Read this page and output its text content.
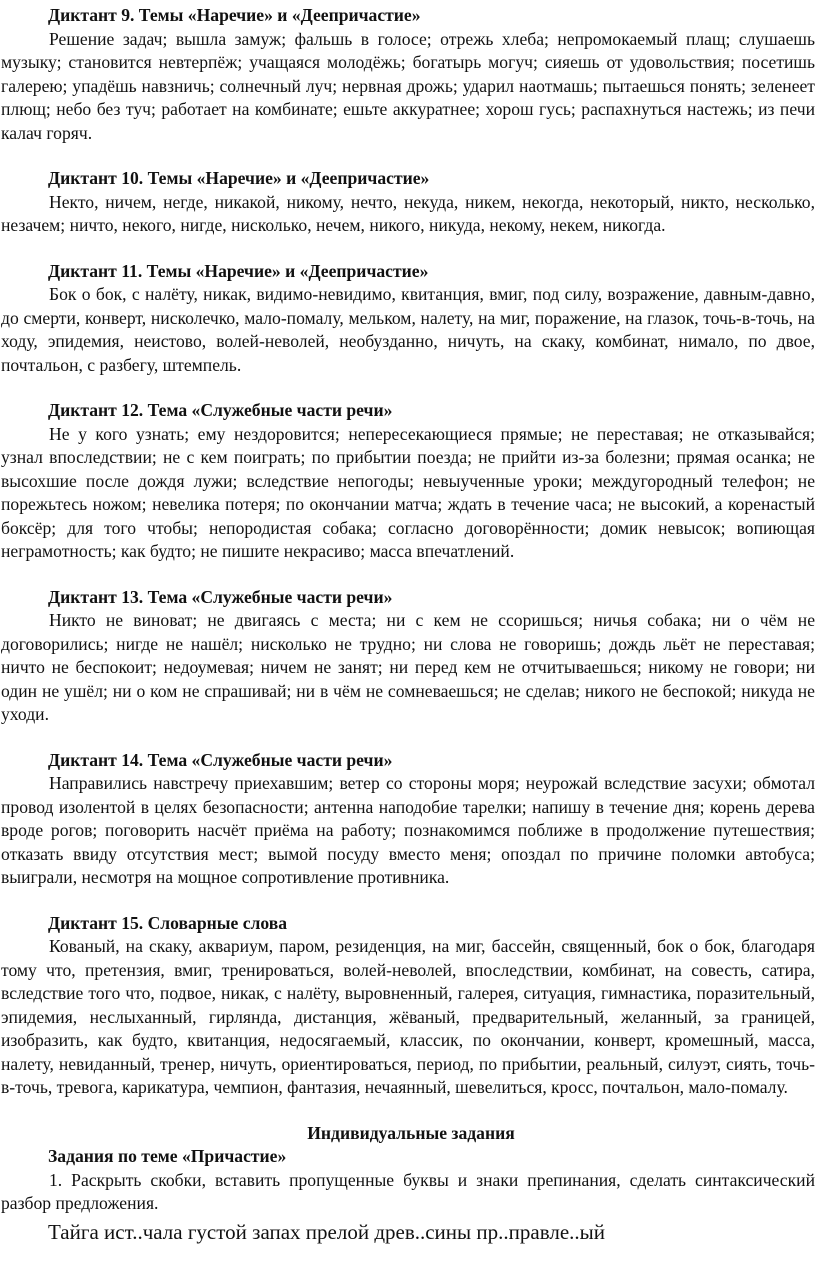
Диктант 9. Темы «Наречие» и «Деепричастие»

Решение задач; вышла замуж; фальшь в голосе; отрежь хлеба; непромокаемый плащ; слушаешь музыку; становится невтерпёж; учащаяся молодёжь; богатырь могуч; сияешь от удовольствия; посетишь галерею; упадёшь навзничь; солнечный луч; нервная дрожь; ударил наотмашь; пытаешься понять; зеленеет плющ; небо без туч; работает на комбинате; ешьте аккуратнее; хорош гусь; распахнуться настежь; из печи калач горяч.

Диктант 10. Темы «Наречие» и «Деепричастие»

Некто, ничем, негде, никакой, никому, нечто, некуда, никем, некогда, некоторый, никто, несколько, незачем; ничто, некого, нигде, нисколько, нечем, никого, никуда, некому, некем, никогда.

Диктант 11. Темы «Наречие» и «Деепричастие»

Бок о бок, с налёту, никак, видимо-невидимо, квитанция, вмиг, под силу, возражение, давным-давно, до смерти, конверт, нисколечко, мало-помалу, мельком, налету, на миг, поражение, на глазок, точь-в-точь, на ходу, эпидемия, неистово, волей-неволей, необузданно, ничуть, на скаку, комбинат, нимало, по двое, почтальон, с разбегу, штемпель.

Диктант 12. Тема «Служебные части речи»

Не у кого узнать; ему нездоровится; непересекающиеся прямые; не переставая; не отказывайся; узнал впоследствии; не с кем поиграть; по прибытии поезда; не прийти из-за болезни; прямая осанка; не высохшие после дождя лужи; вследствие непогоды; невыученные уроки; междугородный телефон; не порежьтесь ножом; невелика потеря; по окончании матча; ждать в течение часа; не высокий, а коренастый боксёр; для того чтобы; непородистая собака; согласно договорённости; домик невысок; вопиющая неграмотность; как будто; не пишите некрасиво; масса впечатлений.

Диктант 13. Тема «Служебные части речи»

Никто не виноват; не двигаясь с места; ни с кем не ссоришься; ничья собака; ни о чём не договорились; нигде не нашёл; нисколько не трудно; ни слова не говоришь; дождь льёт не переставая; ничто не беспокоит; недоумевая; ничем не занят; ни перед кем не отчитываешься; никому не говори; ни один не ушёл; ни о ком не спрашивай; ни в чём не сомневаешься; не сделав; никого не беспокой; никуда не уходи.

Диктант 14. Тема «Служебные части речи»

Направились навстречу приехавшим; ветер со стороны моря; неурожай вследствие засухи; обмотал провод изолентой в целях безопасности; антенна наподобие тарелки; напишу в течение дня; корень дерева вроде рогов; поговорить насчёт приёма на работу; познакомимся поближе в продолжение путешествия; отказать ввиду отсутствия мест; вымой посуду вместо меня; опоздал по причине поломки автобуса; выиграли, несмотря на мощное сопротивление противника.

Диктант 15. Словарные слова

Кованый, на скаку, аквариум, паром, резиденция, на миг, бассейн, священный, бок о бок, благодаря тому что, претензия, вмиг, тренироваться, волей-неволей, впоследствии, комбинат, на совесть, сатира, вследствие того что, подвое, никак, с налёту, выровненный, галерея, ситуация, гимнастика, поразительный, эпидемия, неслыханный, гирлянда, дистанция, жёваный, предварительный, желанный, за границей, изобразить, как будто, квитанция, недосягаемый, классик, по окончании, конверт, кромешный, масса, налету, невиданный, тренер, ничуть, ориентироваться, период, по прибытии, реальный, силуэт, сиять, точь-в-точь, тревога, карикатура, чемпион, фантазия, нечаянный, шевелиться, кросс, почтальон, мало-помалу.

Индивидуальные задания

Задания по теме «Причастие»

1. Раскрыть скобки, вставить пропущенные буквы и знаки препинания, сделать синтаксический разбор предложения.

Тайга ист..чала густой запах прелой древ..сины пр..правле..ый
